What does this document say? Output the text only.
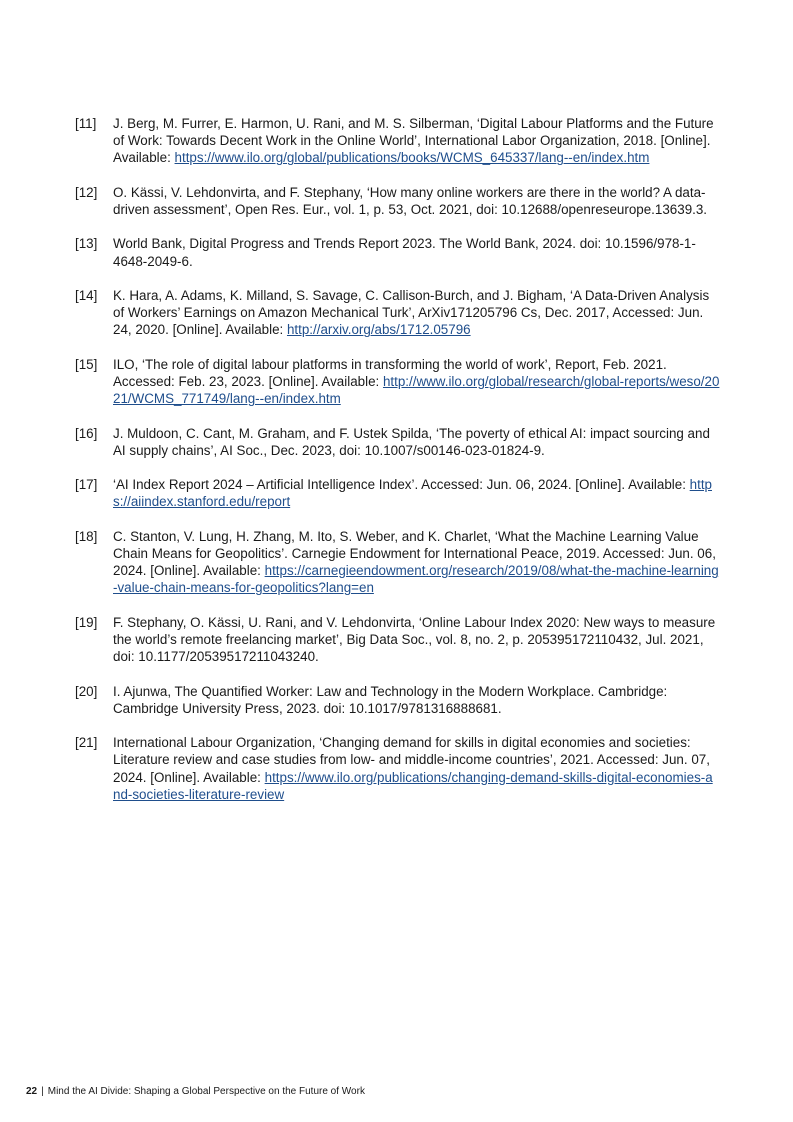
[11]	J. Berg, M. Furrer, E. Harmon, U. Rani, and M. S. Silberman, ‘Digital Labour Platforms and the Future of Work: Towards Decent Work in the Online World’, International Labor Organization, 2018. [Online]. Available: https://www.ilo.org/global/publications/books/WCMS_645337/lang--en/index.htm
[12]	O. Kässi, V. Lehdonvirta, and F. Stephany, ‘How many online workers are there in the world? A data-driven assessment’, Open Res. Eur., vol. 1, p. 53, Oct. 2021, doi: 10.12688/openreseurope.13639.3.
[13]	World Bank, Digital Progress and Trends Report 2023. The World Bank, 2024. doi: 10.1596/978-1-4648-2049-6.
[14]	K. Hara, A. Adams, K. Milland, S. Savage, C. Callison-Burch, and J. Bigham, ‘A Data-Driven Analysis of Workers’ Earnings on Amazon Mechanical Turk’, ArXiv171205796 Cs, Dec. 2017, Accessed: Jun. 24, 2020. [Online]. Available: http://arxiv.org/abs/1712.05796
[15]	ILO, ‘The role of digital labour platforms in transforming the world of work’, Report, Feb. 2021. Accessed: Feb. 23, 2023. [Online]. Available: http://www.ilo.org/global/research/global-reports/weso/2021/WCMS_771749/lang--en/index.htm
[16]	J. Muldoon, C. Cant, M. Graham, and F. Ustek Spilda, ‘The poverty of ethical AI: impact sourcing and AI supply chains’, AI Soc., Dec. 2023, doi: 10.1007/s00146-023-01824-9.
[17]	‘AI Index Report 2024 – Artificial Intelligence Index’. Accessed: Jun. 06, 2024. [Online]. Available: https://aiindex.stanford.edu/report
[18]	C. Stanton, V. Lung, H. Zhang, M. Ito, S. Weber, and K. Charlet, ‘What the Machine Learning Value Chain Means for Geopolitics’. Carnegie Endowment for International Peace, 2019. Accessed: Jun. 06, 2024. [Online]. Available: https://carnegieendowment.org/research/2019/08/what-the-machine-learning-value-chain-means-for-geopolitics?lang=en
[19]	F. Stephany, O. Kässi, U. Rani, and V. Lehdonvirta, ‘Online Labour Index 2020: New ways to measure the world’s remote freelancing market’, Big Data Soc., vol. 8, no. 2, p. 205395172110432, Jul. 2021, doi: 10.1177/20539517211043240.
[20]	I. Ajunwa, The Quantified Worker: Law and Technology in the Modern Workplace. Cambridge: Cambridge University Press, 2023. doi: 10.1017/9781316888681.
[21]	International Labour Organization, ‘Changing demand for skills in digital economies and societies: Literature review and case studies from low- and middle-income countries’, 2021. Accessed: Jun. 07, 2024. [Online]. Available: https://www.ilo.org/publications/changing-demand-skills-digital-economies-and-societies-literature-review
22 | Mind the AI Divide: Shaping a Global Perspective on the Future of Work
